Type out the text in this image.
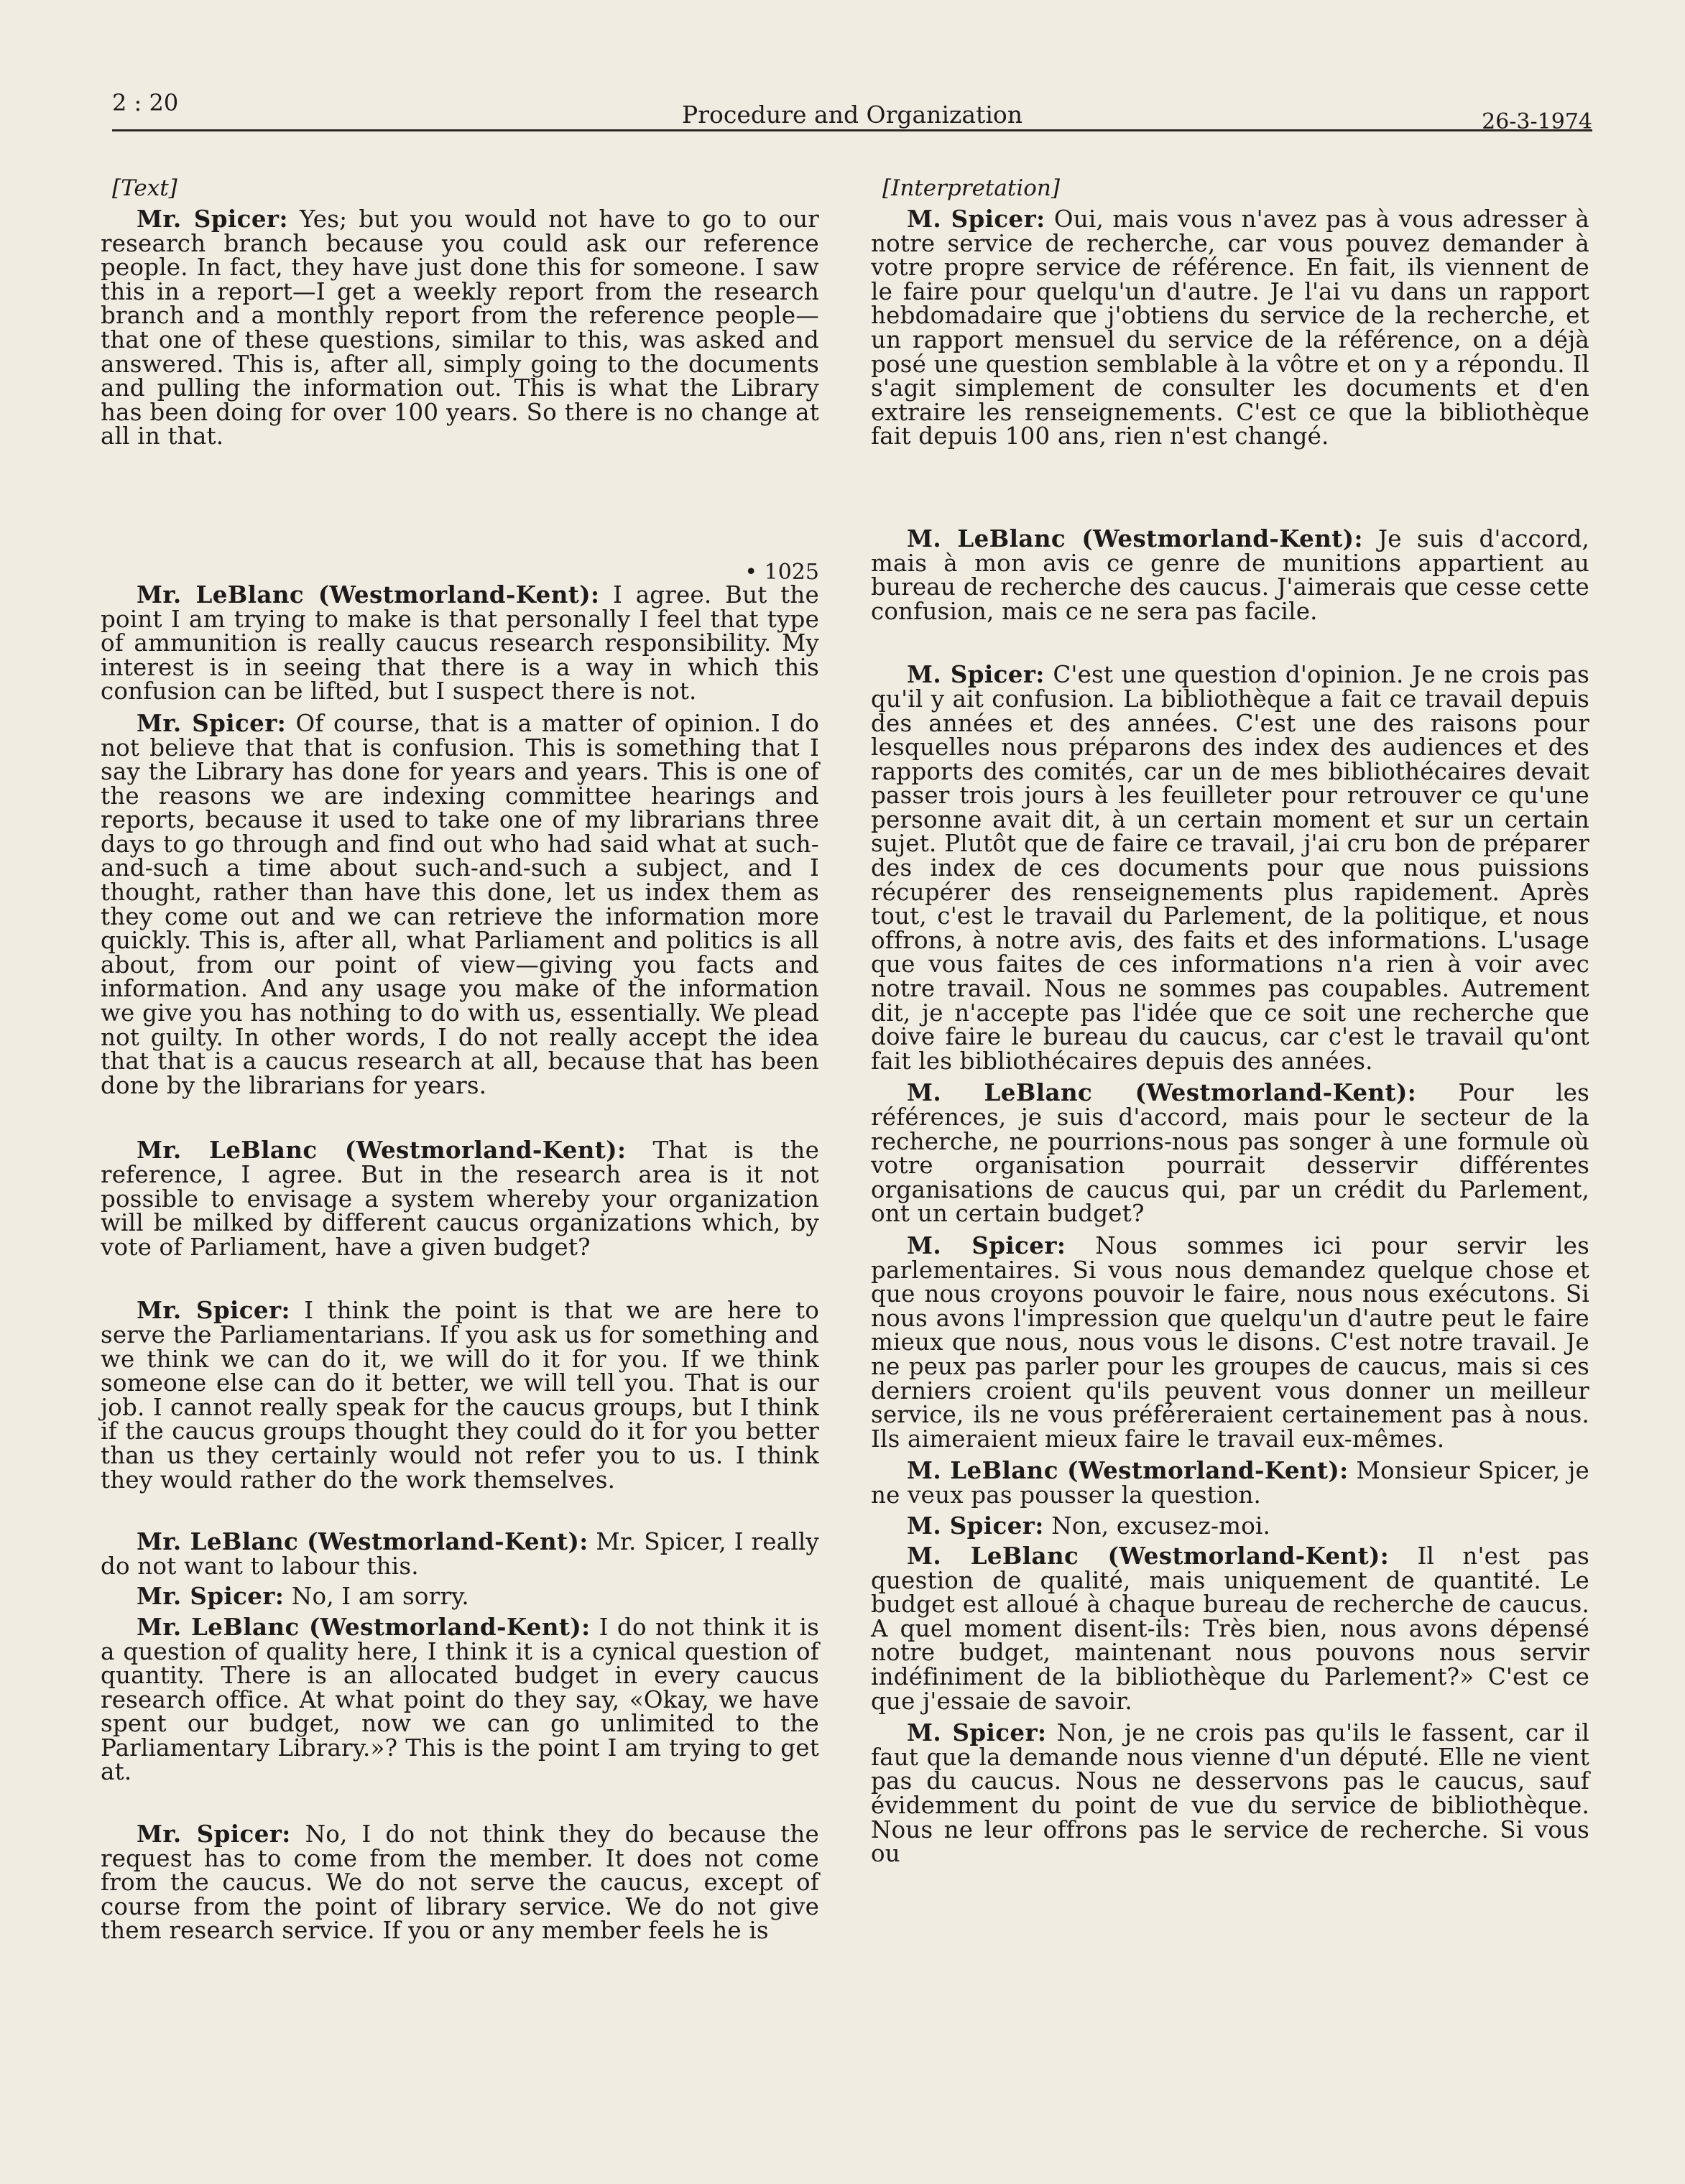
2 : 20	Procedure and Organization	26-3-1974
[Text]

Mr. Spicer: Yes; but you would not have to go to our research branch because you could ask our reference people. In fact, they have just done this for someone. I saw this in a report—I get a weekly report from the research branch and a monthly report from the reference people—that one of these questions, similar to this, was asked and answered. This is, after all, simply going to the documents and pulling the information out. This is what the Library has been doing for over 100 years. So there is no change at all in that.

• 1025

Mr. LeBlanc (Westmorland-Kent): I agree. But the point I am trying to make is that personally I feel that type of ammunition is really caucus research responsibility. My interest is in seeing that there is a way in which this confusion can be lifted, but I suspect there is not.

Mr. Spicer: Of course, that is a matter of opinion. I do not believe that that is confusion. This is something that I say the Library has done for years and years. This is one of the reasons we are indexing committee hearings and reports, because it used to take one of my librarians three days to go through and find out who had said what at such-and-such a time about such-and-such a subject, and I thought, rather than have this done, let us index them as they come out and we can retrieve the information more quickly. This is, after all, what Parliament and politics is all about, from our point of view—giving you facts and information. And any usage you make of the information we give you has nothing to do with us, essentially. We plead not guilty. In other words, I do not really accept the idea that that is a caucus research at all, because that has been done by the librarians for years.

Mr. LeBlanc (Westmorland-Kent): That is the reference, I agree. But in the research area is it not possible to envisage a system whereby your organization will be milked by different caucus organizations which, by vote of Parliament, have a given budget?

Mr. Spicer: I think the point is that we are here to serve the Parliamentarians. If you ask us for something and we think we can do it, we will do it for you. If we think someone else can do it better, we will tell you. That is our job. I cannot really speak for the caucus groups, but I think if the caucus groups thought they could do it for you better than us they certainly would not refer you to us. I think they would rather do the work themselves.

Mr. LeBlanc (Westmorland-Kent): Mr. Spicer, I really do not want to labour this.

Mr. Spicer: No, I am sorry.

Mr. LeBlanc (Westmorland-Kent): I do not think it is a question of quality here, I think it is a cynical question of quantity. There is an allocated budget in every caucus research office. At what point do they say, «Okay, we have spent our budget, now we can go unlimited to the Parliamentary Library.»? This is the point I am trying to get at.

Mr. Spicer: No, I do not think they do because the request has to come from the member. It does not come from the caucus. We do not serve the caucus, except of course from the point of library service. We do not give them research service. If you or any member feels he is

[Interpretation]

M. Spicer: Oui, mais vous n'avez pas à vous adresser à notre service de recherche, car vous pouvez demander à votre propre service de référence. En fait, ils viennent de le faire pour quelqu'un d'autre. Je l'ai vu dans un rapport hebdomadaire que j'obtiens du service de la recherche, et un rapport mensuel du service de la référence, on a déjà posé une question semblable à la vôtre et on y a répondu. Il s'agit simplement de consulter les documents et d'en extraire les renseignements. C'est ce que la bibliothèque fait depuis 100 ans, rien n'est changé.

M. LeBlanc (Westmorland-Kent): Je suis d'accord, mais à mon avis ce genre de munitions appartient au bureau de recherche des caucus. J'aimerais que cesse cette confusion, mais ce ne sera pas facile.

M. Spicer: C'est une question d'opinion. Je ne crois pas qu'il y ait confusion. La bibliothèque a fait ce travail depuis des années et des années. C'est une des raisons pour lesquelles nous préparons des index des audiences et des rapports des comités, car un de mes bibliothécaires devait passer trois jours à les feuilleter pour retrouver ce qu'une personne avait dit, à un certain moment et sur un certain sujet. Plutôt que de faire ce travail, j'ai cru bon de préparer des index de ces documents pour que nous puissions récupérer des renseignements plus rapidement. Après tout, c'est le travail du Parlement, de la politique, et nous offrons, à notre avis, des faits et des informations. L'usage que vous faites de ces informations n'a rien à voir avec notre travail. Nous ne sommes pas coupables. Autrement dit, je n'accepte pas l'idée que ce soit une recherche que doive faire le bureau du caucus, car c'est le travail qu'ont fait les bibliothécaires depuis des années.

M. LeBlanc (Westmorland-Kent): Pour les références, je suis d'accord, mais pour le secteur de la recherche, ne pourrions-nous pas songer à une formule où votre organisation pourrait desservir différentes organisations de caucus qui, par un crédit du Parlement, ont un certain budget?

M. Spicer: Nous sommes ici pour servir les parlementaires. Si vous nous demandez quelque chose et que nous croyons pouvoir le faire, nous nous exécutons. Si nous avons l'impression que quelqu'un d'autre peut le faire mieux que nous, nous vous le disons. C'est notre travail. Je ne peux pas parler pour les groupes de caucus, mais si ces derniers croient qu'ils peuvent vous donner un meilleur service, ils ne vous préféreraient certainement pas à nous. Ils aimeraient mieux faire le travail eux-mêmes.

M. LeBlanc (Westmorland-Kent): Monsieur Spicer, je ne veux pas pousser la question.

M. Spicer: Non, excusez-moi.

M. LeBlanc (Westmorland-Kent): Il n'est pas question de qualité, mais uniquement de quantité. Le budget est alloué à chaque bureau de recherche de caucus. A quel moment disent-ils: Très bien, nous avons dépensé notre budget, maintenant nous pouvons nous servir indéfiniment de la bibliothèque du Parlement?» C'est ce que j'essaie de savoir.

M. Spicer: Non, je ne crois pas qu'ils le fassent, car il faut que la demande nous vienne d'un député. Elle ne vient pas du caucus. Nous ne desservons pas le caucus, sauf évidemment du point de vue du service de bibliothèque. Nous ne leur offrons pas le service de recherche. Si vous ou
